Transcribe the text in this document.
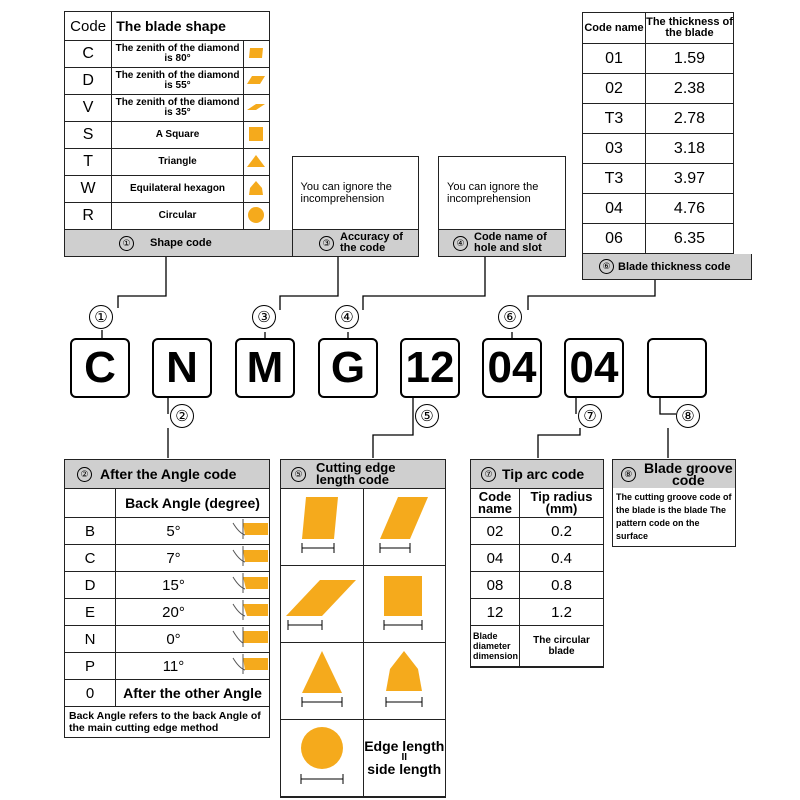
Code	The blade shape	
C	The zenith of the diamond is 80°	
D	The zenith of the diamond is 55°	
V	The zenith of the diamond is 35°	
S	A Square	
T	Triangle	
W	Equilateral hexagon	
R	Circular	
①	Shape code
You can ignore the incomprehension
③ Accuracy of the code
You can ignore the incomprehension
④ Code name of hole and slot
Code name	The thickness of the blade
01	1.59
02	2.38
T3	2.78
03	3.18
T3	3.97
04	4.76
06	6.35
⑥ Blade thickness code
①	③	④	⑥
C	N	M G 12 04 04
②	⑤	⑦	⑧
② After the Angle code
	Back Angle (degree)	
B	5°	
C	7°	
D	15°	
E	20°	
N	0°	
P	11°	
0	After the other Angle	
Back Angle refers to the back Angle of the main cutting edge method
⑤ Cutting edge length code

Edge length
II
side length
⑦ Tip arc code
Code name	Tip radius (mm)
02	0.2
04	0.4
08	0.8
12	1.2
Blade diameter dimension	The circular blade
⑧ Blade groove code
The cutting groove code of the blade is the blade The pattern code on the surface
